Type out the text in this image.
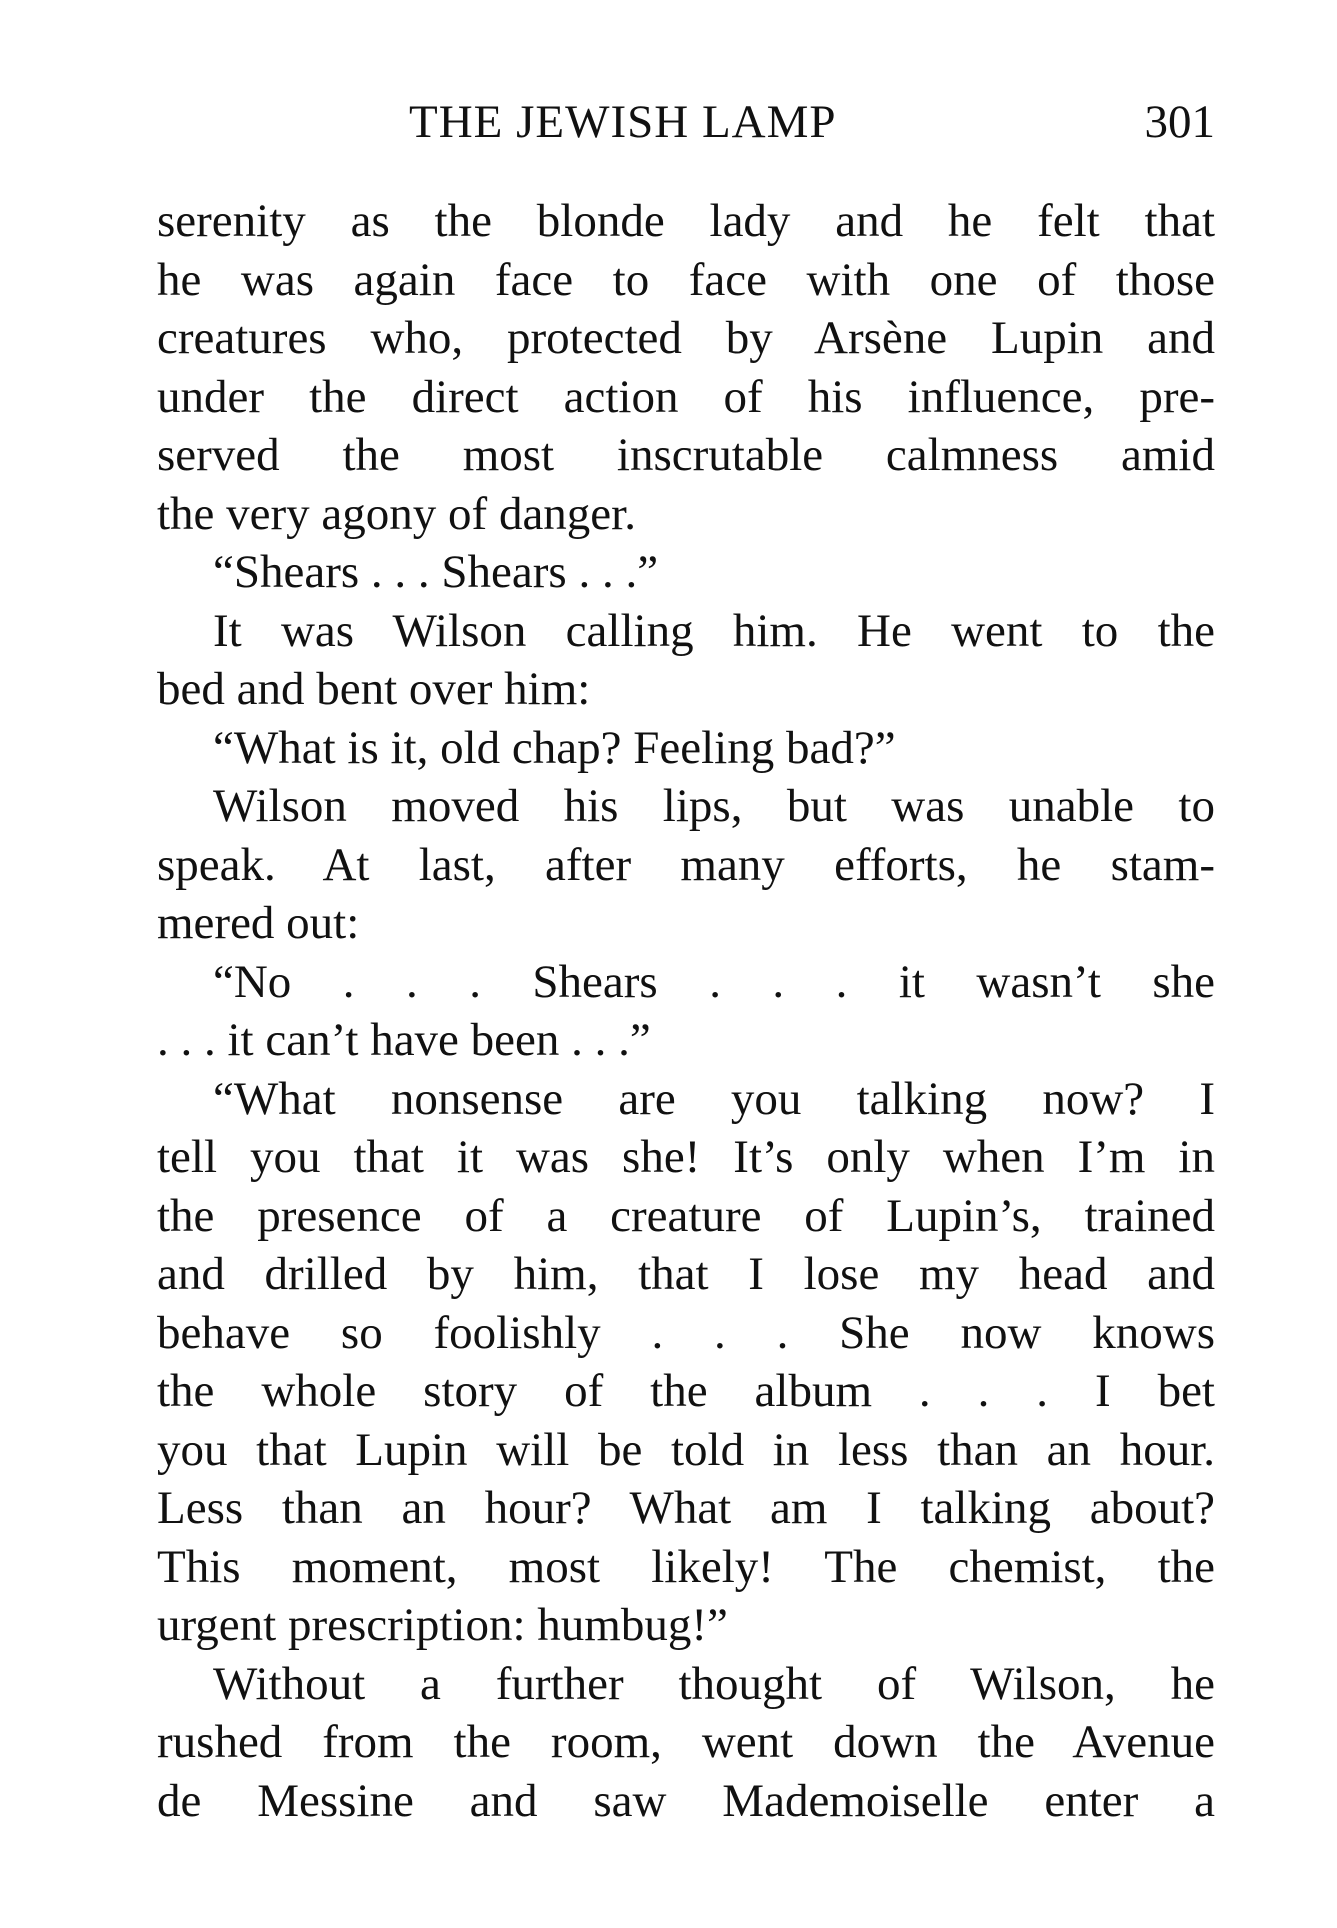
THE JEWISH LAMP	301
serenity as the blonde lady and he felt that
he was again face to face with one of those
creatures who, protected by Arsène Lupin and
under the direct action of his influence, pre-
served the most inscrutable calmness amid
the very agony of danger.
“Shears . . . Shears . . .”
It was Wilson calling him. He went to the
bed and bent over him:
“What is it, old chap? Feeling bad?”
Wilson moved his lips, but was unable to
speak. At last, after many efforts, he stam-
mered out:
“No . . . Shears . . . it wasn’t she
. . . it can’t have been . . .”
“What nonsense are you talking now? I
tell you that it was she! It’s only when I’m in
the presence of a creature of Lupin’s, trained
and drilled by him, that I lose my head and
behave so foolishly . . . She now knows
the whole story of the album . . . I bet
you that Lupin will be told in less than an hour.
Less than an hour? What am I talking about?
This moment, most likely! The chemist, the
urgent prescription: humbug!”
Without a further thought of Wilson, he
rushed from the room, went down the Avenue
de Messine and saw Mademoiselle enter a
